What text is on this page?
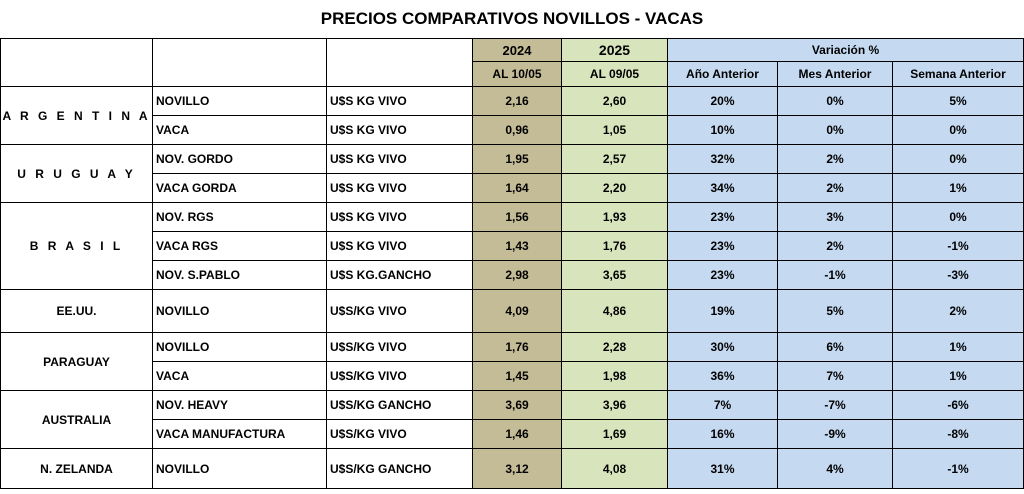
PRECIOS COMPARATIVOS NOVILLOS - VACAS
			2024	2025	Variación %		
			AL 10/05	AL 09/05	Año Anterior	Mes Anterior	Semana Anterior
A R G E N T I N A	NOVILLO	U$S KG VIVO	2,16	2,60	20%	0%	5%
	VACA	U$S KG VIVO	0,96	1,05	10%	0%	0%
U R U G U A Y	NOV. GORDO	U$S KG VIVO	1,95	2,57	32%	2%	0%
	VACA GORDA	U$S KG VIVO	1,64	2,20	34%	2%	1%
B R A S I L	NOV. RGS	U$S KG VIVO	1,56	1,93	23%	3%	0%
	VACA RGS	U$S KG VIVO	1,43	1,76	23%	2%	-1%
	NOV. S.PABLO	U$S KG.GANCHO	2,98	3,65	23%	-1%	-3%
EE.UU.	NOVILLO	U$S/KG VIVO	4,09	4,86	19%	5%	2%
PARAGUAY	NOVILLO	U$S/KG VIVO	1,76	2,28	30%	6%	1%
	VACA	U$S/KG VIVO	1,45	1,98	36%	7%	1%
AUSTRALIA	NOV. HEAVY	U$S/KG GANCHO	3,69	3,96	7%	-7%	-6%
	VACA MANUFACTURA	U$S/KG VIVO	1,46	1,69	16%	-9%	-8%
N. ZELANDA	NOVILLO	U$S/KG GANCHO	3,12	4,08	31%	4%	-1%
